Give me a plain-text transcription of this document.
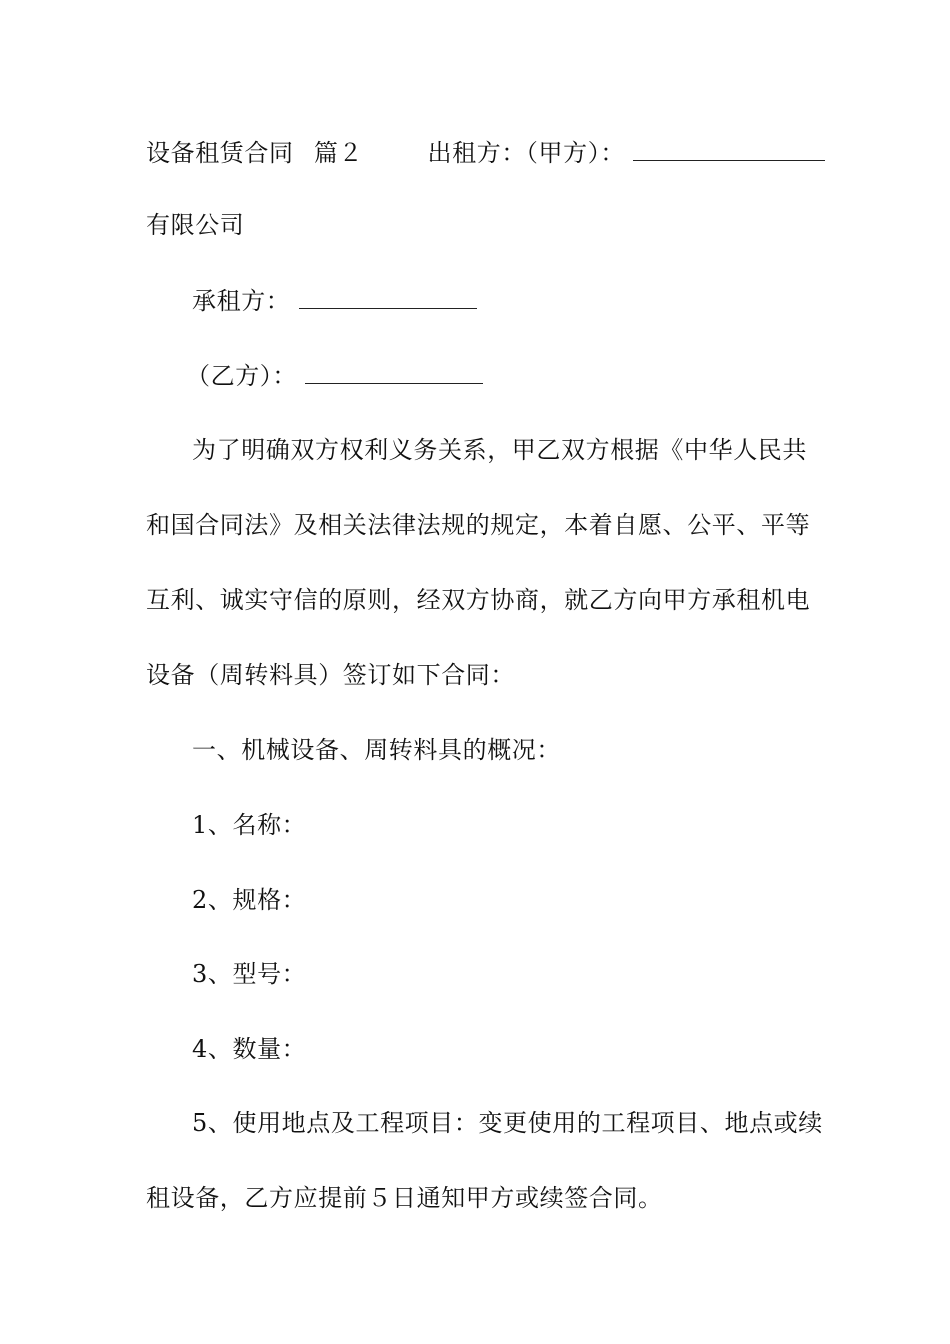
设备租赁合同 篇２	出租方：（甲方）：
有限公司
承租方：
（乙方）：
为了明确双方权利义务关系，甲乙双方根据《中华人民共
和国合同法》及相关法律法规的规定，本着自愿、公平、平等
互利、诚实守信的原则，经双方协商，就乙方向甲方承租机电
设备（周转料具）签订如下合同：
一、机械设备、周转料具的概况：
1、名称：
2、规格：
3、型号：
4、数量：
5、使用地点及工程项目：变更使用的工程项目、地点或续
租设备，乙方应提前５日通知甲方或续签合同。
